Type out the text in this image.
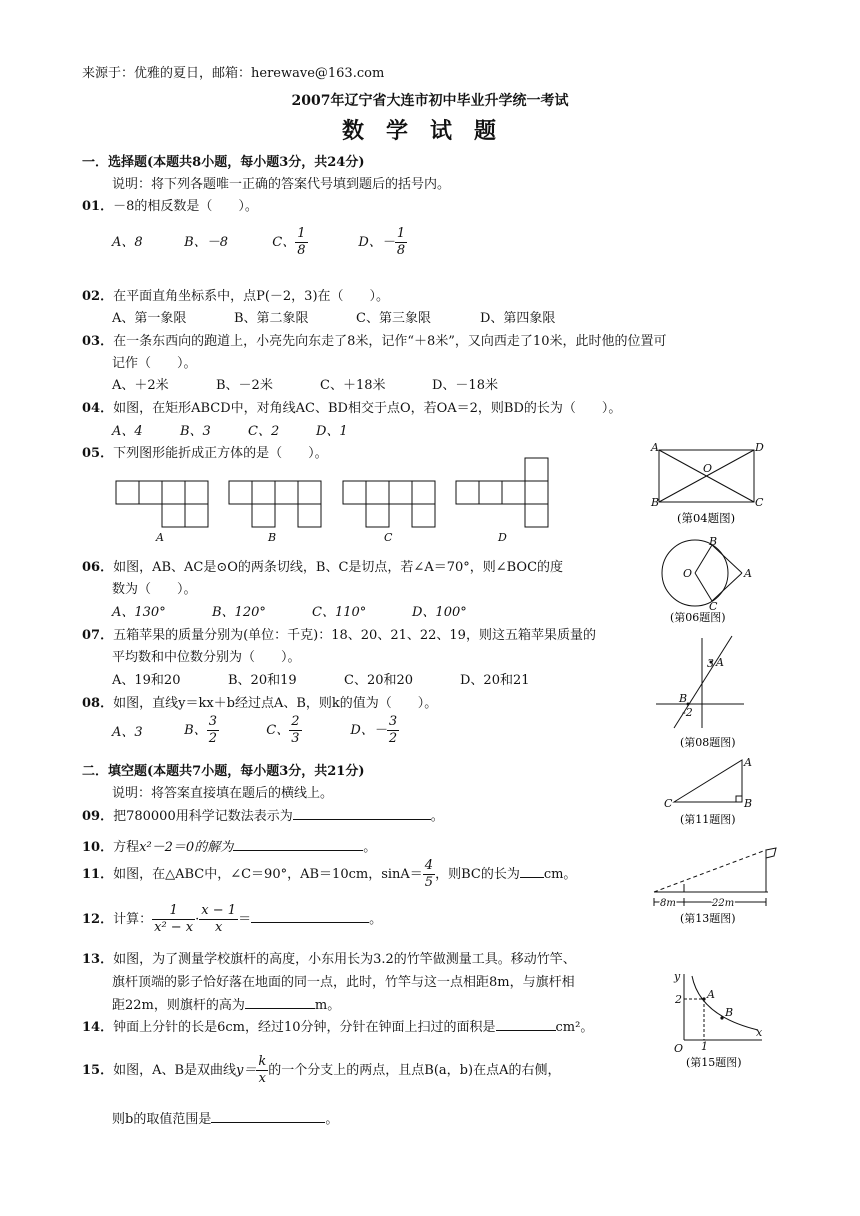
来源于：优雅的夏日，邮箱：herewave@163.com
2007年辽宁省大连市初中毕业升学统一考试
数学试题
一．选择题(本题共8小题，每小题3分，共24分)
说明：将下列各题唯一正确的答案代号填到题后的括号内。
01．－8的相反数是（　　）。
A、8	B、－8	C、 $\frac{1}{8}$	D、－ $\frac{1}{8}$
02．在平面直角坐标系中，点P(－2，3)在（　　）。
A、第一象限	B、第二象限	C、第三象限	D、第四象限
03．在一条东西向的跑道上，小亮先向东走了8米，记作“＋8米”，又向西走了10米，此时他的位置可
记作（　　）。
A、＋2米	B、－2米	C、＋18米	D、－18米
04．如图，在矩形ABCD中，对角线AC、BD相交于点O，若OA＝2，则BD的长为（　　）。
A、4	B、3	C、2	D、1
05．下列图形能折成正方体的是（　　）。
A	B	C	D
06．如图，AB、AC是⊙O的两条切线，B、C是切点，若∠A＝70°，则∠BOC的度
数为（　　）。
A、130°	B、120°	C、110°	D、100°
07．五箱苹果的质量分别为(单位：千克)：18、20、21、22、19，则这五箱苹果质量的
平均数和中位数分别为（　　）。
A、19和20	B、20和19	C、20和20	D、20和21
08．如图，直线y＝kx＋b经过点A、B，则k的值为（　　）。
A、3	B、 $\frac{3}{2}$	C、 $\frac{2}{3}$	D、－ $\frac{3}{2}$
二．填空题(本题共7小题，每小题3分，共21分)
说明：将答案直接填在题后的横线上。
09．把780000用科学记数法表示为	。
10．方程x²－2＝0的解为	。
11．如图，在△ABC中，∠C＝90°，AB＝10cm，$\sin A= \frac{4}{5}$ ，则BC的长为 cm。
12．计算： $\frac{1}{\text{x² − x}} \cdot \frac{x - 1}{x}$ ＝	。
13．如图，为了测量学校旗杆的高度，小东用长为3.2的竹竿做测量工具。移动竹竿、
旗杆顶端的影子恰好落在地面的同一点，此时，竹竿与这一点相距8m，与旗杆相
距22m，则旗杆的高为	m。
14．钟面上分针的长是6cm，经过10分钟，分针在钟面上扫过的面积是	cm²。
15．如图，A、B是双曲线$y= \frac{k}{x}$ 的一个分支上的两点，且点B(a，b)在点A的右侧，
则b的取值范围是	。
A	D
B	C
O
(第04题图)
B
C
A
O
(第06题图)
3 A
B
-2
(第08题图)
A
B
C
(第11题图)
8m	22m
(第13题图)
y
x
2 A
B
O 1
(第15题图)
